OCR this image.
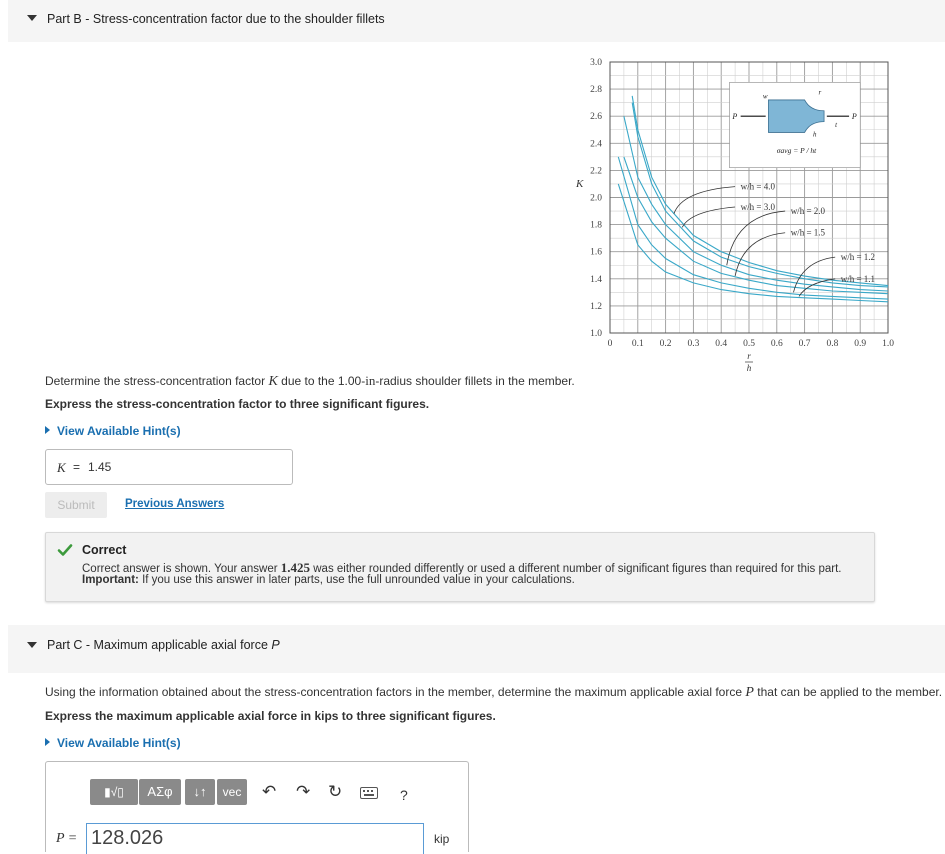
Part B - Stress-concentration factor due to the shoulder fillets
1.0
1.2
1.4
1.6
1.8
2.0
2.2
2.4
2.6
2.8
3.0
0 0.1 0.2 0.3 0.4 0.5 0.6 0.7 0.8 0.9 1.0
K
r
h
w/h = 4.0
w/h = 3.0 w/h = 2.0
w/h = 1.5
w/h = 1.2
w/h = 1.1
P	P
w
r
h
t
σavg = P / ht
Determine the stress-concentration factor K due to the 1.00-in-radius shoulder fillets in the member.
Express the stress-concentration factor to three significant figures.
View Available Hint(s)
K = 1.45
Submit	Previous Answers
Correct
Correct answer is shown. Your answer 1.425 was either rounded differently or used a different number of significant figures than required for this part.
Important: If you use this answer in later parts, use the full unrounded value in your calculations.
Part C - Maximum applicable axial force P
Using the information obtained about the stress-concentration factors in the member, determine the maximum applicable axial force P that can be applied to the member.
Express the maximum applicable axial force in kips to three significant figures.
View Available Hint(s)
▮√▯	ΑΣφ	↓↑	vec	↶ ↷ ↻	?
P = 128.026	kip
